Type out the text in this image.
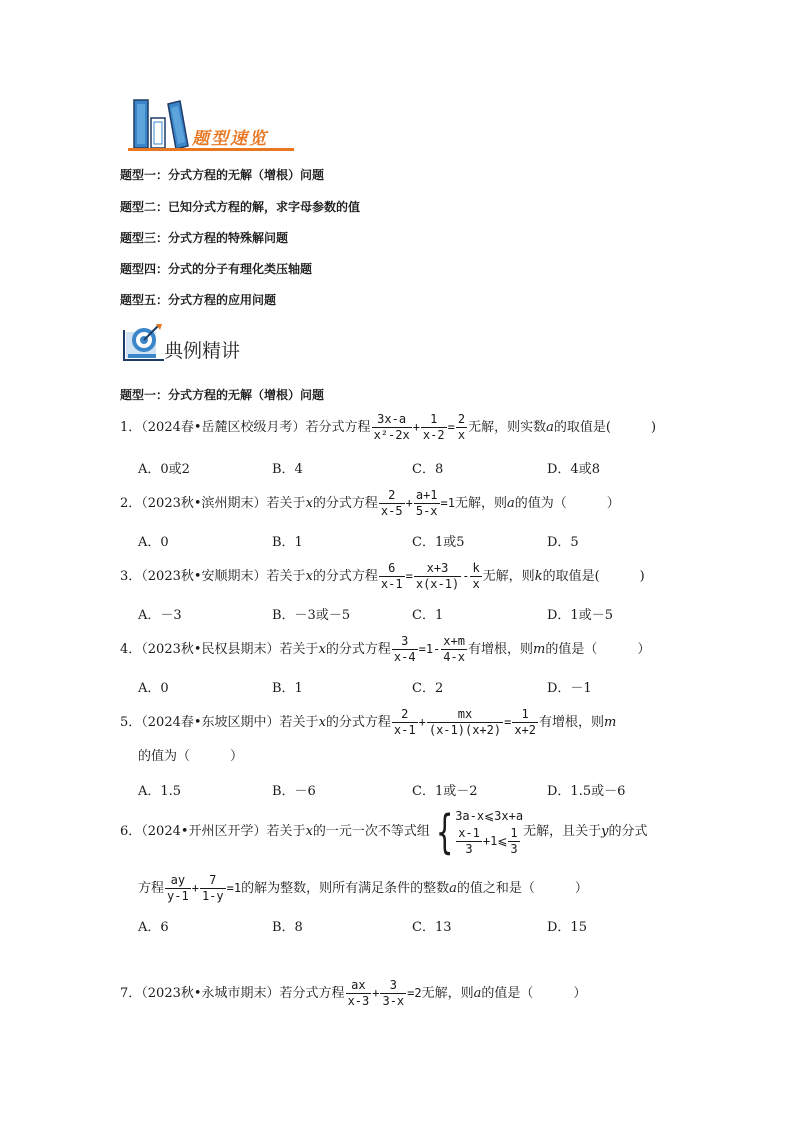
题型速览
题型一：分式方程的无解（增根）问题
题型二：已知分式方程的解，求字母参数的值
题型三：分式方程的特殊解问题
题型四：分式的分子有理化类压轴题
题型五：分式方程的应用问题
典例精讲
题型一：分式方程的无解（增根）问题
1．（2024春•岳麓区校级月考）若分式方程 $\frac{3x-a}{\text{x²-2x}} + \frac{1}{x-2} = \frac{2}{x}$ 无解，则实数a的取值是(	)
A．0或2	B．4	C．8	D．4或8
2．（2023秋•滨州期末）若关于x的分式方程 $\frac{2}{x-5} + \frac{a+1}{5-x} =1$无解，则a的值为（	）
A．0	B．1	C．1或5	D．5
3．（2023秋•安顺期末）若关于x的分式方程 $\frac{6}{x-1} = \frac{x+3}{x(x-1)} - \frac{k}{x}$ 无解，则k的取值是(	)
A．－3	B．－3或－5	C．1	D．1或－5
4．（2023秋•民权县期末）若关于x的分式方程 $\frac{3}{x-4} =1- \frac{x+m}{4-x}$ 有增根，则m的值是（	）
A．0	B．1	C．2	D．－1
5．（2024春•东坡区期中）若关于x的分式方程 $\frac{2}{x-1} + \frac{mx}{(x-1)(x+2)} = \frac{1}{x+2}$ 有增根，则m
的值为（	）
A．1.5	B．－6	C．1或－2	D．1.5或－6
6．（2024•开州区开学）若关于x的一元一次不等式组 { 3a-x⩽3x+a
$\frac{x-1}{3}$ +1⩽ $\frac{1}{3}$ 无解，且关于y的分式
方程 $\frac{ay}{y-1} + \frac{7}{1-y} =1$的解为整数，则所有满足条件的整数a的值之和是（	）
A．6	B．8	C．13	D．15
7．（2023秋•永城市期末）若分式方程 $\frac{ax}{x-3} + \frac{3}{3-x} =2$无解，则a的值是（	）
